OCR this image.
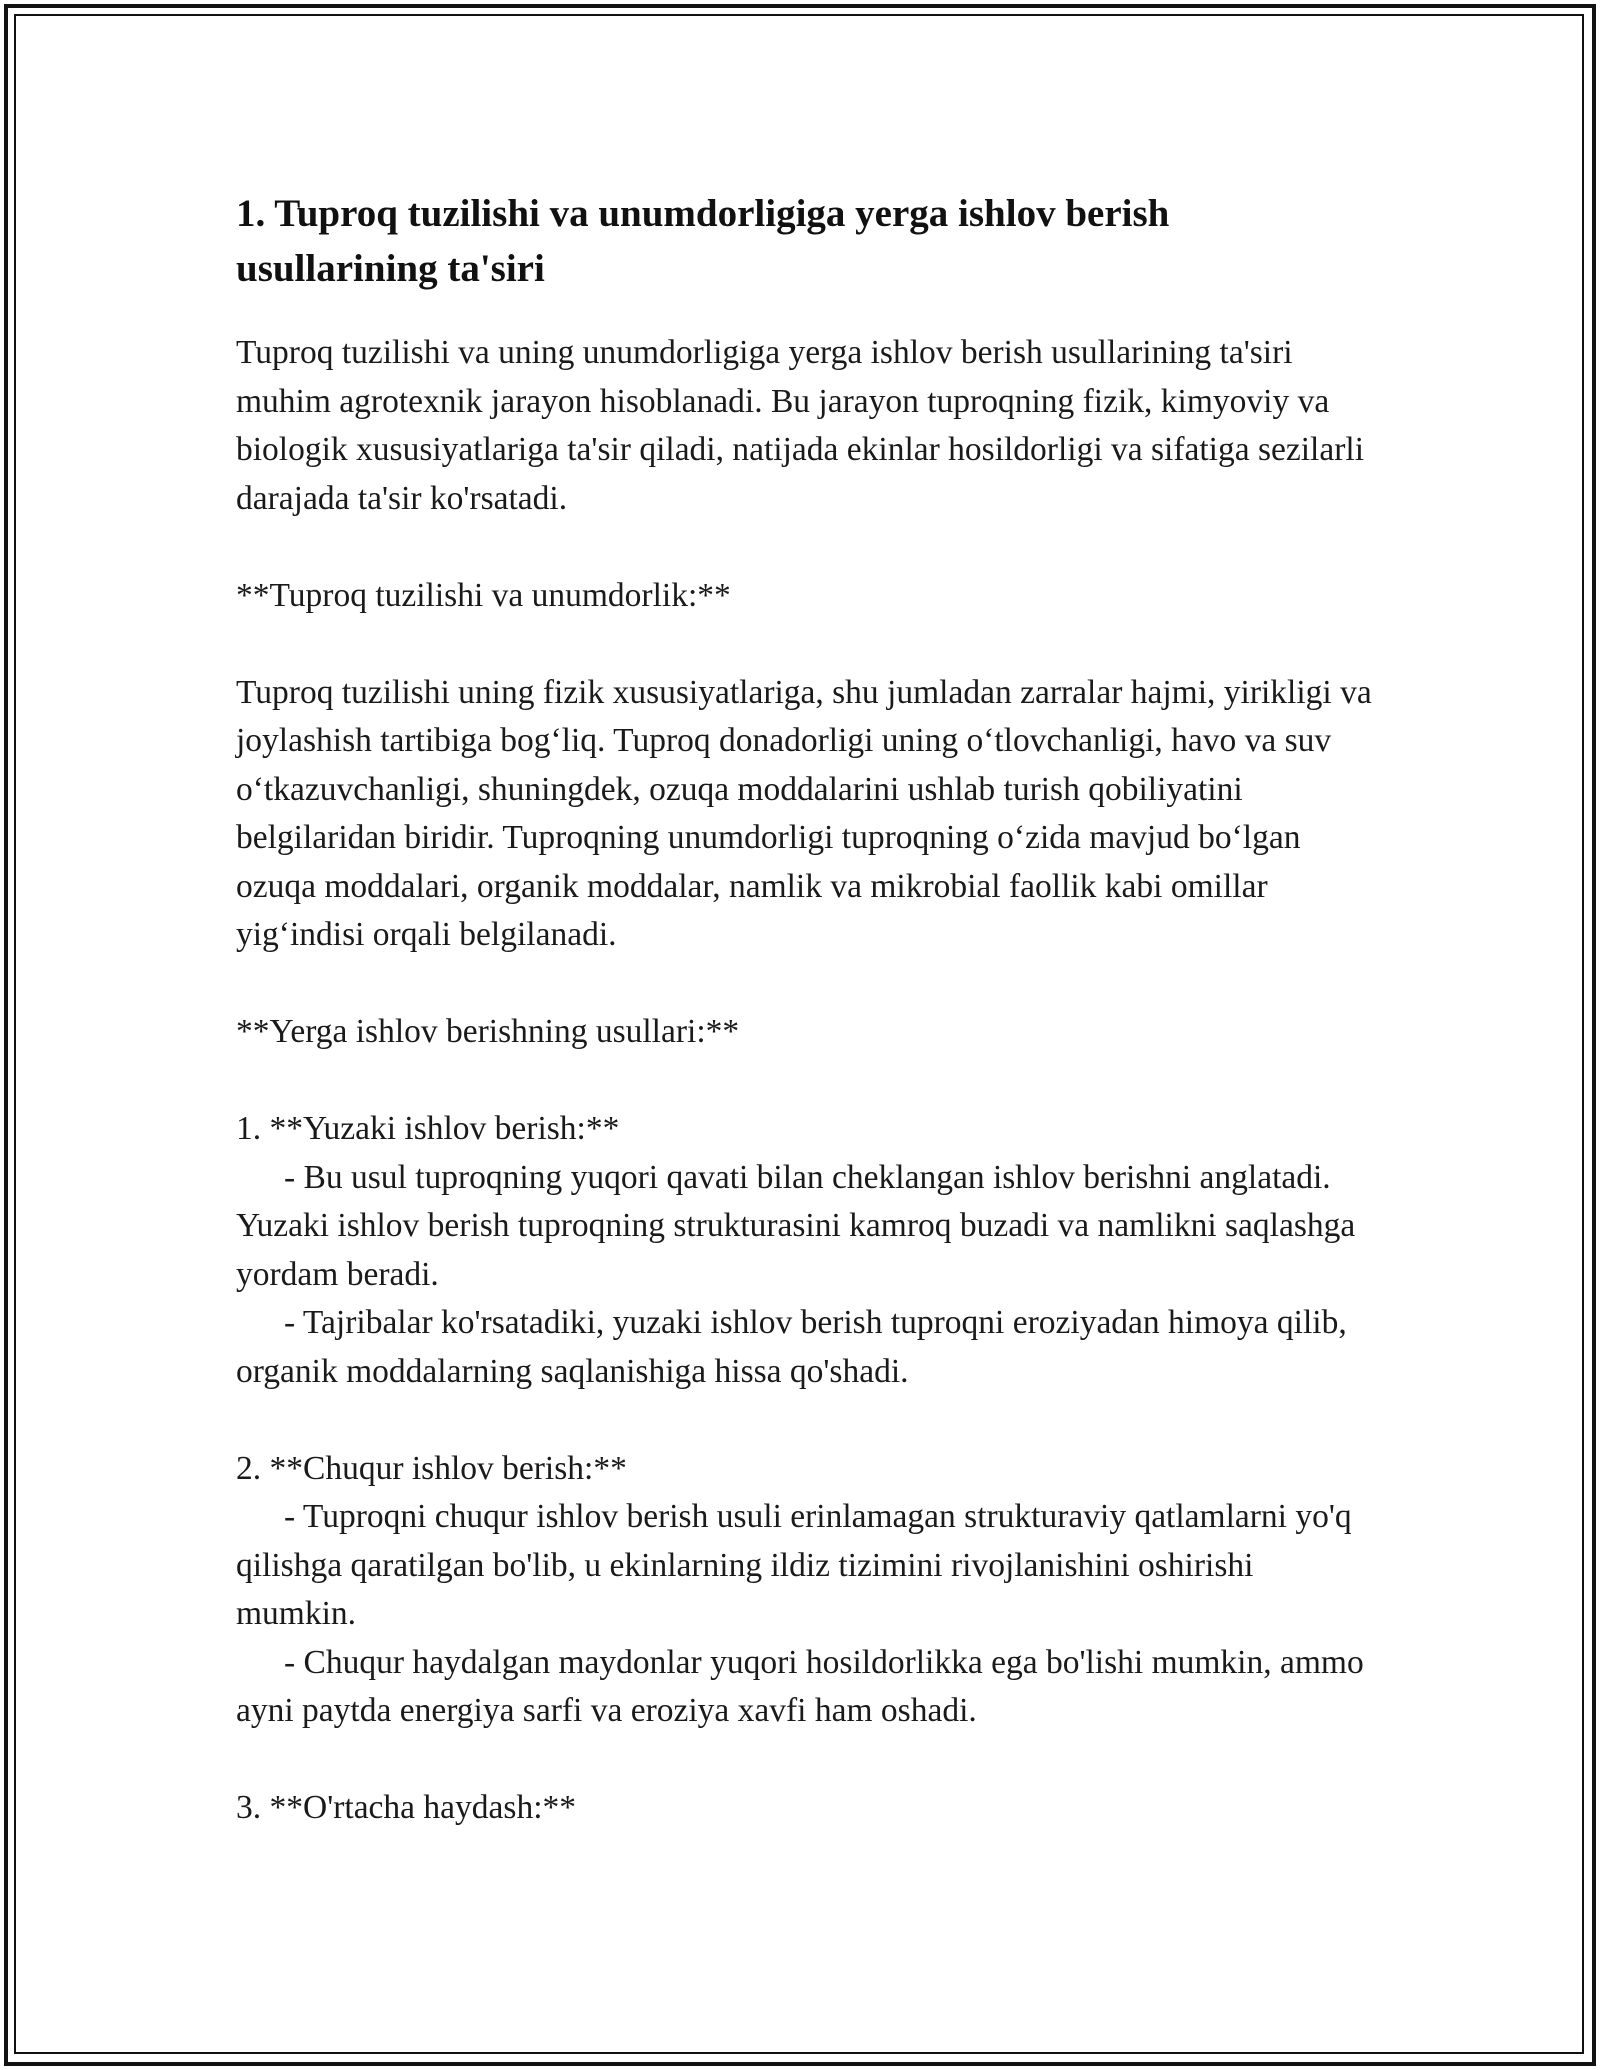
1. Tuproq tuzilishi va unumdorligiga yerga ishlov berish usullarining ta'siri

Tuproq tuzilishi va uning unumdorligiga yerga ishlov berish usullarining ta'siri muhim agrotexnik jarayon hisoblanadi. Bu jarayon tuproqning fizik, kimyoviy va biologik xususiyatlariga ta'sir qiladi, natijada ekinlar hosildorligi va sifatiga sezilarli darajada ta'sir ko'rsatadi.

**Tuproq tuzilishi va unumdorlik:**

Tuproq tuzilishi uning fizik xususiyatlariga, shu jumladan zarralar hajmi, yirikligi va joylashish tartibiga bog‘liq. Tuproq donadorligi uning o‘tlovchanligi, havo va suv o‘tkazuvchanligi, shuningdek, ozuqa moddalarini ushlab turish qobiliyatini belgilaridan biridir. Tuproqning unumdorligi tuproqning o‘zida mavjud bo‘lgan ozuqa moddalari, organik moddalar, namlik va mikrobial faollik kabi omillar yig‘indisi orqali belgilanadi.

**Yerga ishlov berishning usullari:**

1. **Yuzaki ishlov berish:**

- Bu usul tuproqning yuqori qavati bilan cheklangan ishlov berishni anglatadi. Yuzaki ishlov berish tuproqning strukturasini kamroq buzadi va namlikni saqlashga yordam beradi.

- Tajribalar ko'rsatadiki, yuzaki ishlov berish tuproqni eroziyadan himoya qilib, organik moddalarning saqlanishiga hissa qo'shadi.

2. **Chuqur ishlov berish:**

- Tuproqni chuqur ishlov berish usuli erinlamagan strukturaviy qatlamlarni yo'q qilishga qaratilgan bo'lib, u ekinlarning ildiz tizimini rivojlanishini oshirishi mumkin.

- Chuqur haydalgan maydonlar yuqori hosildorlikka ega bo'lishi mumkin, ammo ayni paytda energiya sarfi va eroziya xavfi ham oshadi.

3. **O'rtacha haydash:**
